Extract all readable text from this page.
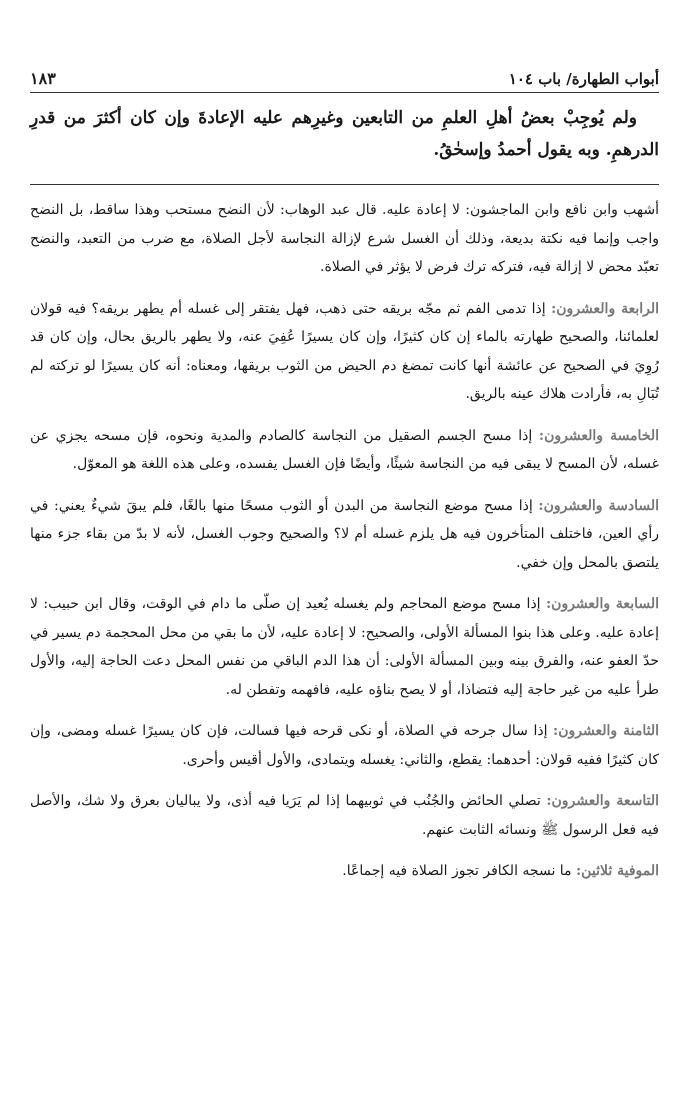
١٨٣	أبواب الطهارة/ باب ١٠٤

ولم يُوجِبْ بعضُ أهلِ العلمِ من التابعين وغيرِهم عليه الإعادةَ وإن كان أكثرَ من قدرِ الدرهمِ. وبه يقول أحمدُ وإسحٰقُ.

أشهب وابن نافع وابن الماجشون: لا إعادة عليه. قال عبد الوهاب: لأن النضح مستحب وهذا ساقط، بل النضح واجب وإنما فيه نكتة بديعة، وذلك أن الغسل شرع لإزالة النجاسة لأجل الصلاة، مع ضرب من التعبد، والنضح تعبّد محض لا إزالة فيه، فتركه ترك فرض لا يؤثر في الصلاة.

الرابعة والعشرون: إذا تدمى الفم ثم مجّه بريقه حتى ذهب، فهل يفتقر إلى غسله أم يطهر بريقه؟ فيه قولان لعلمائنا، والصحيح طهارته بالماء إن كان كثيرًا، وإن كان يسيرًا عُفِيَ عنه، ولا يطهر بالريق بحال، وإن كان قد رُوِيَ في الصحيح عن عائشة أنها كانت تمضغ دم الحيض من الثوب بريقها، ومعناه: أنه كان يسيرًا لو تركته لم تُبَالِ به، فأرادت هلاك عينه بالريق.

الخامسة والعشرون: إذا مسح الجسم الصقيل من النجاسة كالصادم والمدية ونحوه، فإن مسحه يجزي عن غسله، لأن المسح لا يبقى فيه من النجاسة شيئًا، وأيضًا فإن الغسل يفسده، وعلى هذه اللغة هو المعوّل.

السادسة والعشرون: إذا مسح موضع النجاسة من البدن أو الثوب مسحًا منها بالغًا، فلم يبقَ شيءٌ يعني: في رأي العين، فاختلف المتأخرون فيه هل يلزم غسله أم لا؟ والصحيح وجوب الغسل، لأنه لا بدّ من بقاء جزء منها يلتصق بالمحل وإن خفي.

السابعة والعشرون: إذا مسح موضع المحاجم ولم يغسله يُعيد إن صلّى ما دام في الوقت، وقال ابن حبيب: لا إعادة عليه. وعلى هذا بنوا المسألة الأولى، والصحيح: لا إعادة عليه، لأن ما بقي من محل المحجمة دم يسير في حدّ العفو عنه، والفرق بينه وبين المسألة الأولى: أن هذا الدم الباقي من نفس المحل دعت الحاجة إليه، والأول طرأ عليه من غير حاجة إليه فتضاذا، أو لا يصح بناؤه عليه، فافهمه وتفطن له.

الثامنة والعشرون: إذا سال جرحه في الصلاة، أو نكى قرحه فيها فسالت، فإن كان يسيرًا غسله ومضى، وإن كان كثيرًا ففيه قولان: أحدهما: يقطع، والثاني: يغسله ويتمادى، والأول أقيس وأحرى.

التاسعة والعشرون: تصلي الحائض والجُنُب في ثوبيهما إذا لم يَرَيا فيه أذى، ولا يباليان بعرق ولا شك، والأصل فيه فعل الرسول ﷺ ونسائه الثابت عنهم.

الموفية ثلاثين: ما نسجه الكافر تجوز الصلاة فيه إجماعًا.
